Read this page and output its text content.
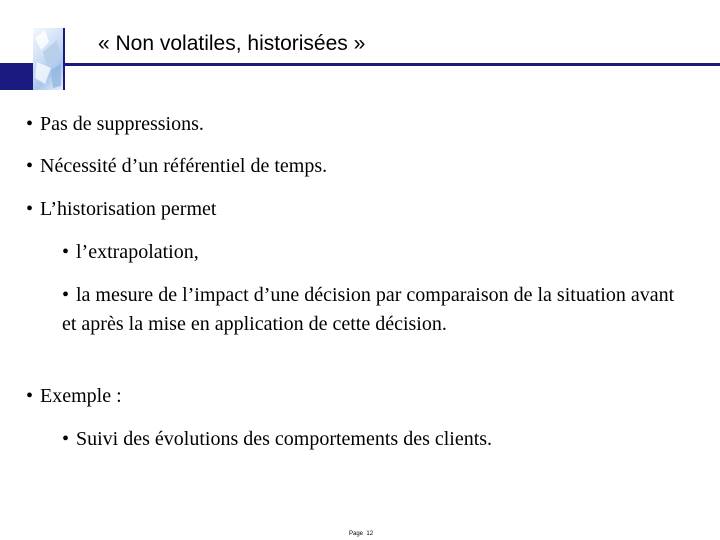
« Non volatiles, historisées »
• Pas de suppressions.
• Nécessité d’un référentiel de temps.
• L’historisation permet
• l’extrapolation,
• la mesure de l’impact d’une décision par comparaison de la situation avant et après la mise en application de cette décision.
• Exemple :
• Suivi des évolutions des comportements des clients.
Page 12
